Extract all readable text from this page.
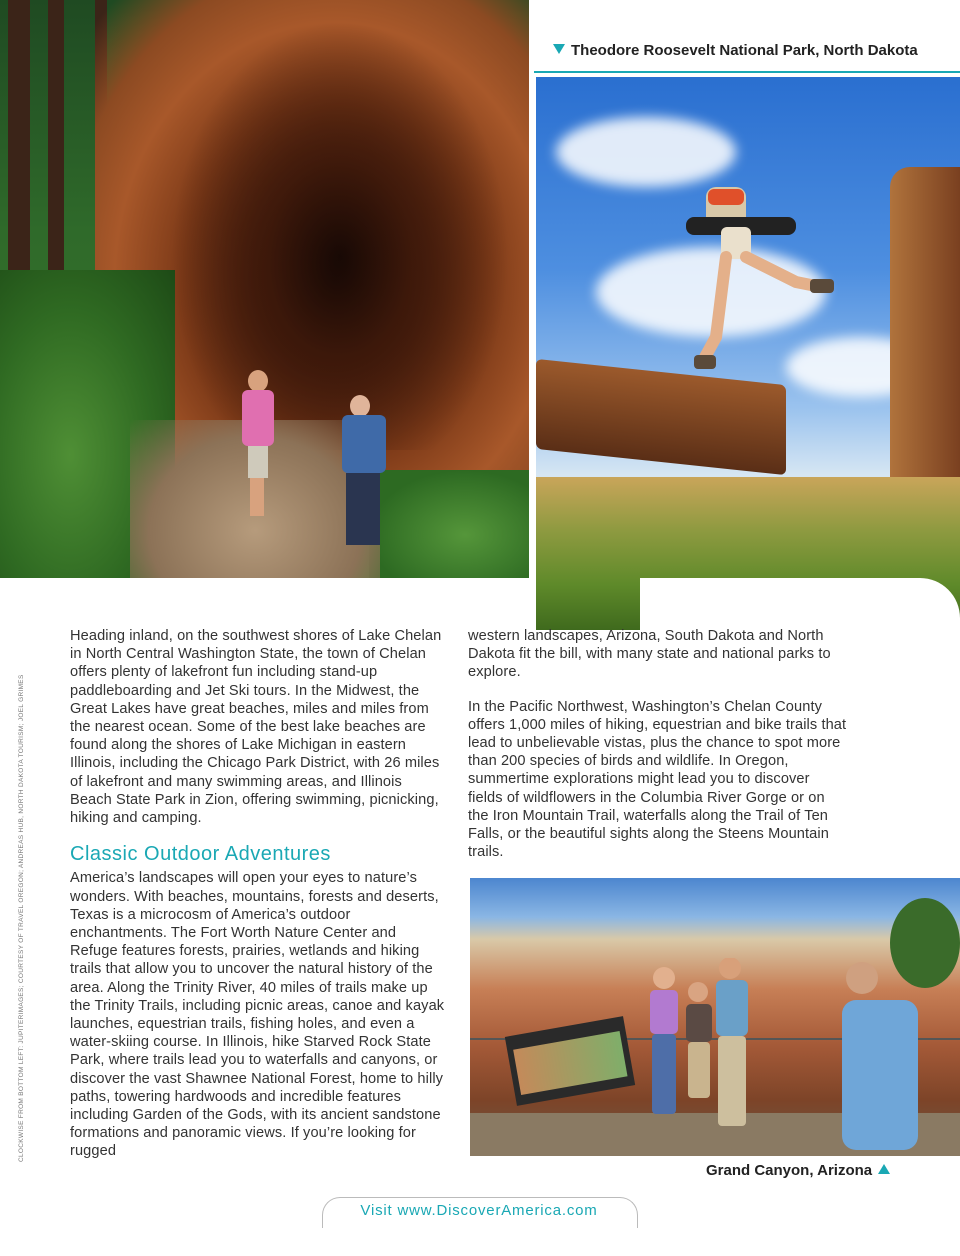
Theodore Roosevelt National Park, North Dakota
CLOCKWISE FROM BOTTOM LEFT: JUPITERIMAGES; COURTESY OF TRAVEL OREGON; ANDREAS HUB, NORTH DAKOTA TOURISM; JOEL GRIMES

Heading inland, on the southwest shores of Lake Chelan in North Central Washington State, the town of Chelan offers plenty of lakefront fun including stand-up paddleboarding and Jet Ski tours. In the Midwest, the Great Lakes have great beaches, miles and miles from the nearest ocean. Some of the best lake beaches are found along the shores of Lake Michigan in eastern Illinois, including the Chicago Park District, with 26 miles of lakefront and many swimming areas, and Illinois Beach State Park in Zion, offering swimming, picnicking, hiking and camping.

Classic Outdoor Adventures

America’s landscapes will open your eyes to nature’s wonders. With beaches, mountains, forests and deserts, Texas is a microcosm of America’s outdoor enchantments. The Fort Worth Nature Center and Refuge features forests, prairies, wetlands and hiking trails that allow you to uncover the natural history of the area. Along the Trinity River, 40 miles of trails make up the Trinity Trails, including picnic areas, canoe and kayak launches, equestrian trails, fishing holes, and even a water-skiing course. In Illinois, hike Starved Rock State Park, where trails lead you to waterfalls and canyons, or discover the vast Shawnee National Forest, home to hilly paths, towering hardwoods and incredible features including Garden of the Gods, with its ancient sandstone formations and panoramic views. If you’re looking for rugged

western landscapes, Arizona, South Dakota and North Dakota fit the bill, with many state and national parks to explore.

In the Pacific Northwest, Washington’s Chelan County offers 1,000 miles of hiking, equestrian and bike trails that lead to unbelievable vistas, plus the chance to spot more than 200 species of birds and wildlife. In Oregon, summertime explorations might lead you to discover fields of wildflowers in the Columbia River Gorge or on the Iron Mountain Trail, waterfalls along the Trail of Ten Falls, or the beautiful sights along the Steens Mountain trails.

Grand Canyon, Arizona
Visit www.DiscoverAmerica.com
